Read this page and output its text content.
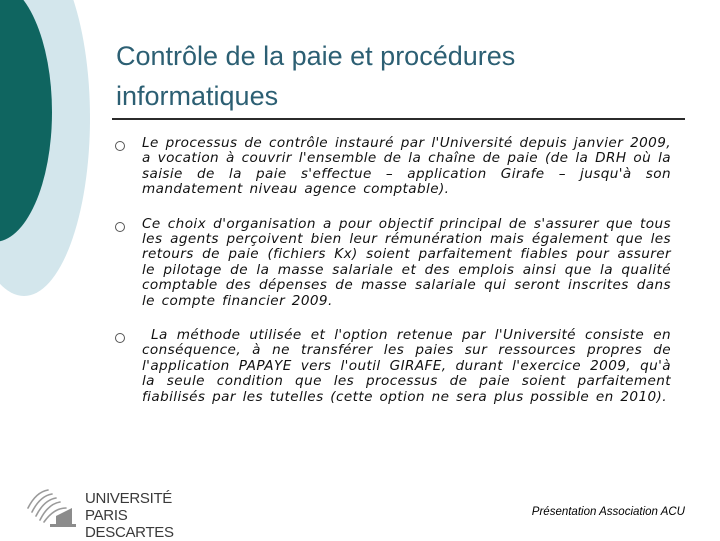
Contrôle de la paie et procédures informatiques
Le processus de contrôle instauré par l'Université depuis janvier 2009, a vocation à couvrir l'ensemble de la chaîne de paie (de la DRH où la saisie de la paie s'effectue – application Girafe – jusqu'à son mandatement niveau agence comptable).
Ce choix d'organisation a pour objectif principal de s'assurer que tous les agents perçoivent bien leur rémunération mais également que les retours de paie (fichiers Kx) soient parfaitement fiables pour assurer le pilotage de la masse salariale et des emplois ainsi que la qualité comptable des dépenses de masse salariale qui seront inscrites dans le compte financier 2009.
La méthode utilisée et l'option retenue par l'Université consiste en conséquence, à ne transférer les paies sur ressources propres de l'application PAPAYE vers l'outil GIRAFE, durant l'exercice 2009, qu'à la seule condition que les processus de paie soient parfaitement fiabilisés par les tutelles (cette option ne sera plus possible en 2010).
UNIVERSITÉ
PARIS DESCARTES
Présentation Association ACU
